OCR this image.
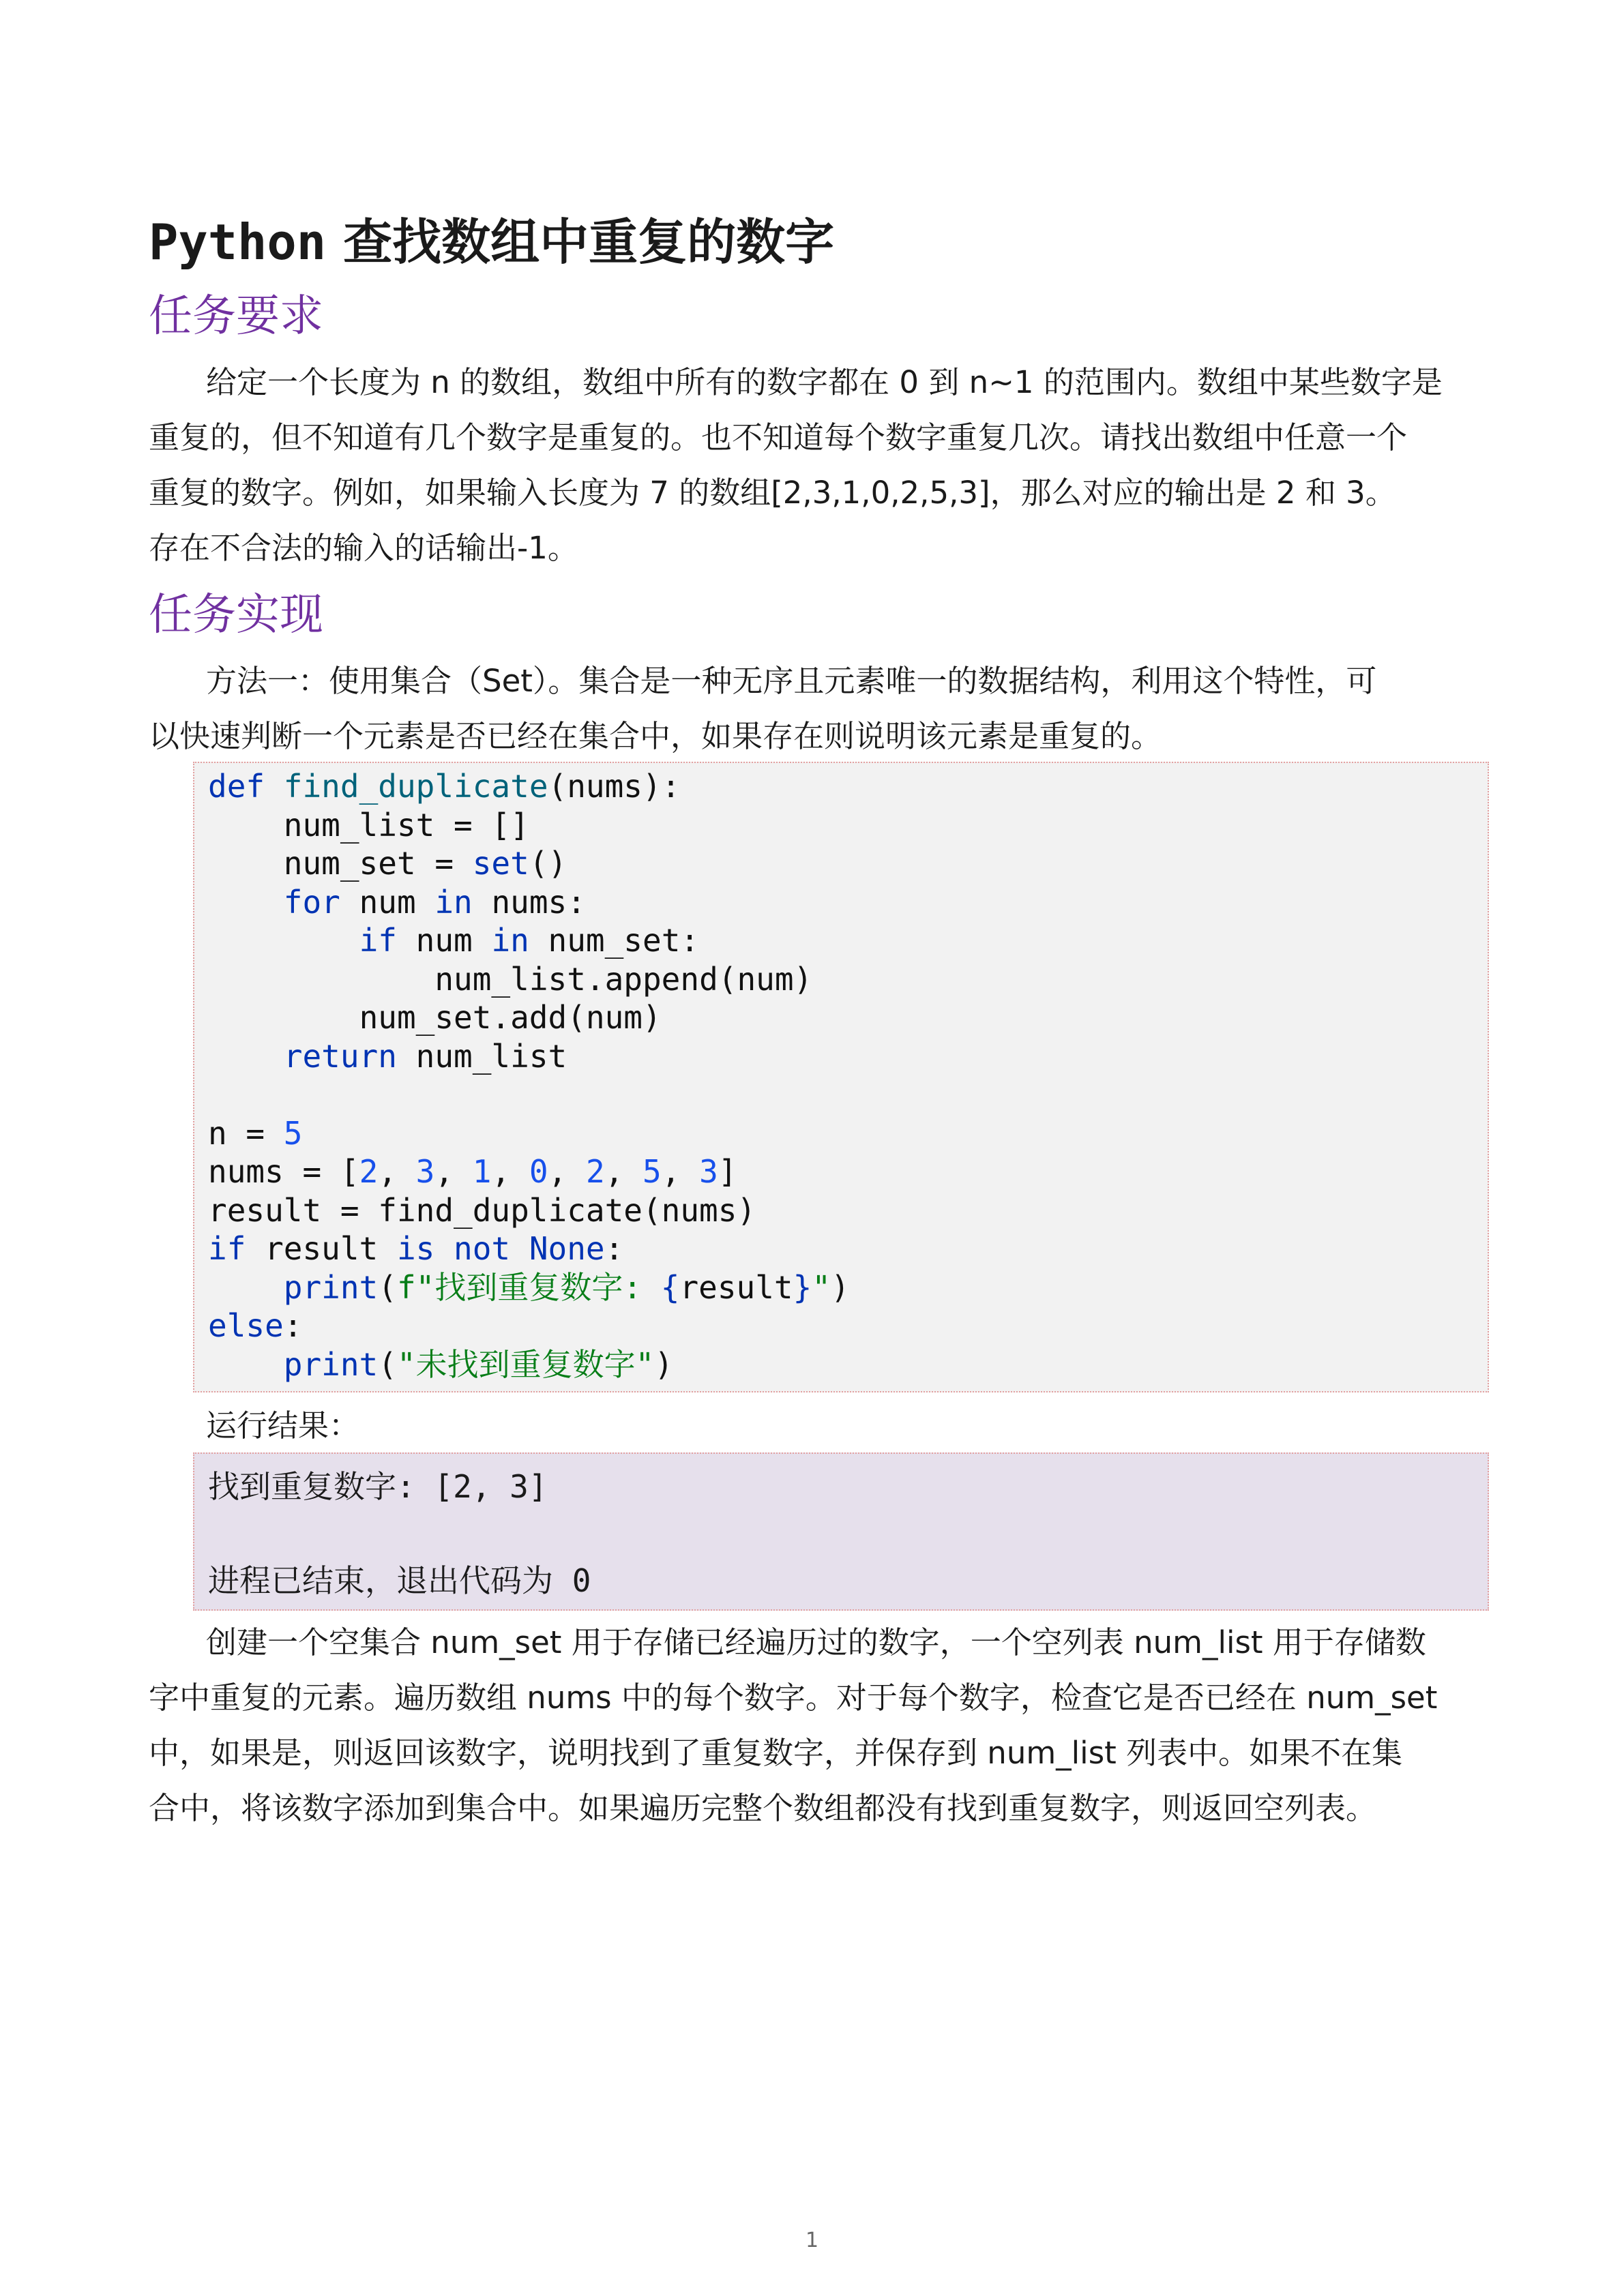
Python 查找数组中重复的数字
任务要求

给定一个长度为 n 的数组，数组中所有的数字都在 0 到 n~1 的范围内。数组中某些数字是

重复的，但不知道有几个数字是重复的。也不知道每个数字重复几次。请找出数组中任意一个

重复的数字。例如，如果输入长度为 7 的数组[2,3,1,0,2,5,3]，那么对应的输出是 2 和 3。

存在不合法的输入的话输出-1。

任务实现

方法一：使用集合（Set）。集合是一种无序且元素唯一的数据结构，利用这个特性，可

以快速判断一个元素是否已经在集合中，如果存在则说明该元素是重复的。

def find_duplicate(nums):
num_list = []
num_set = set()
for num in nums:
if num in num_set:
num_list.append(num)
num_set.add(num)
return num_list

n = 5
nums = [2, 3, 1, 0, 2, 5, 3]
result = find_duplicate(nums)
if result is not None:
print(f"找到重复数字: {result}")
else:
print("未找到重复数字")
运行结果：
找到重复数字: [2, 3]
进程已结束，退出代码为 0

创建一个空集合 num_set 用于存储已经遍历过的数字，一个空列表 num_list 用于存储数

字中重复的元素。遍历数组 nums 中的每个数字。对于每个数字，检查它是否已经在 num_set

中，如果是，则返回该数字，说明找到了重复数字，并保存到 num_list 列表中。如果不在集

合中，将该数字添加到集合中。如果遍历完整个数组都没有找到重复数字，则返回空列表。

1
